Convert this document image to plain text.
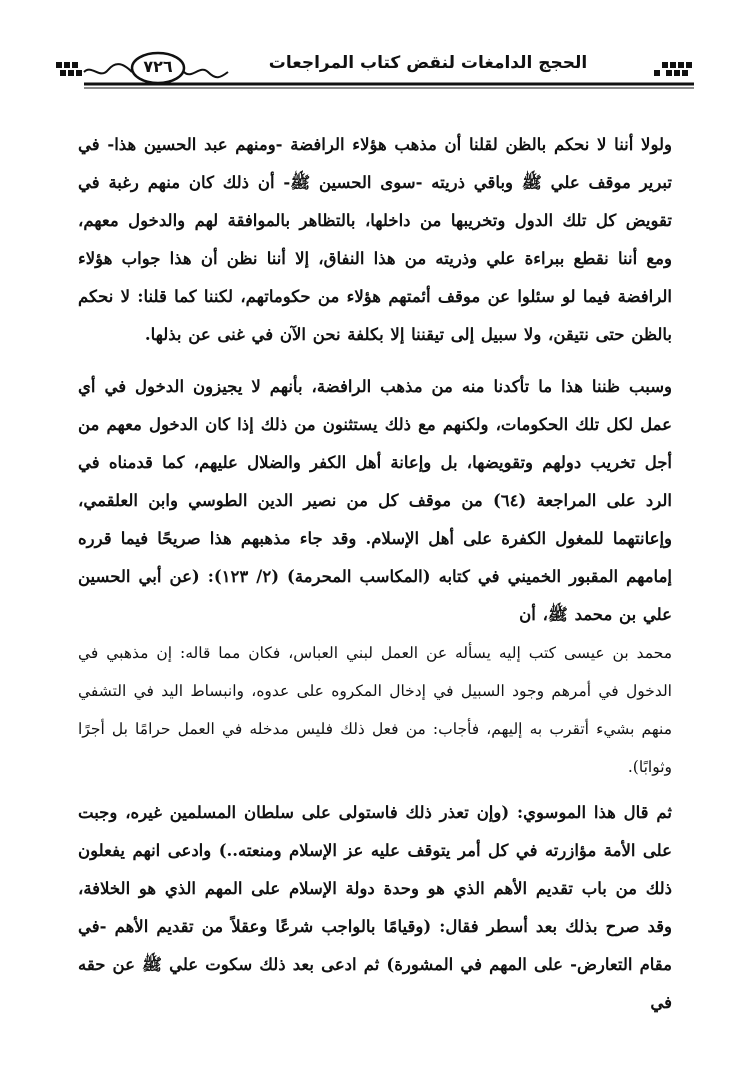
٧٢٦	الحجج الدامغات لنقض كتاب المراجعات

ولولا أننا لا نحكم بالظن لقلنا أن مذهب هؤلاء الرافضة -ومنهم عبد الحسين هذا- في تبرير موقف علي ﷺ وباقي ذريته -سوى الحسين ﷺ- أن ذلك كان منهم رغبة في تقويض كل تلك الدول وتخريبها من داخلها، بالتظاهر بالموافقة لهم والدخول معهم، ومع أننا نقطع ببراءة علي وذريته من هذا النفاق، إلا أننا نظن أن هذا جواب هؤلاء الرافضة فيما لو سئلوا عن موقف أئمتهم هؤلاء من حكوماتهم، لكننا كما قلنا: لا نحكم بالظن حتى نتيقن، ولا سبيل إلى تيقننا إلا بكلفة نحن الآن في غنى عن بذلها.

وسبب ظننا هذا ما تأكدنا منه من مذهب الرافضة، بأنهم لا يجيزون الدخول في أي عمل لكل تلك الحكومات، ولكنهم مع ذلك يستثنون من ذلك إذا كان الدخول معهم من أجل تخريب دولهم وتقويضها، بل وإعانة أهل الكفر والضلال عليهم، كما قدمناه في الرد على المراجعة (٦٤) من موقف كل من نصير الدين الطوسي وابن العلقمي، وإعانتهما للمغول الكفرة على أهل الإسلام. وقد جاء مذهبهم هذا صريحًا فيما قرره إمامهم المقبور الخميني في كتابه (المكاسب المحرمة) (٢/ ١٢٣): (عن أبي الحسين علي بن محمد ﷺ، أن

محمد بن عيسى كتب إليه يسأله عن العمل لبني العباس، فكان مما قاله: إن مذهبي في الدخول في أمرهم وجود السبيل في إدخال المكروه على عدوه، وانبساط اليد في التشفي منهم بشيء أتقرب به إليهم، فأجاب: من فعل ذلك فليس مدخله في العمل حرامًا بل أجرًا وثوابًا).

ثم قال هذا الموسوي: (وإن تعذر ذلك فاستولى على سلطان المسلمين غيره، وجبت على الأمة مؤازرته في كل أمر يتوقف عليه عز الإسلام ومنعته..) وادعى انهم يفعلون ذلك من باب تقديم الأهم الذي هو وحدة دولة الإسلام على المهم الذي هو الخلافة، وقد صرح بذلك بعد أسطر فقال: (وقيامًا بالواجب شرعًا وعقلاً من تقديم الأهم -في مقام التعارض- على المهم في المشورة) ثم ادعى بعد ذلك سكوت علي ﷺ عن حقه في
